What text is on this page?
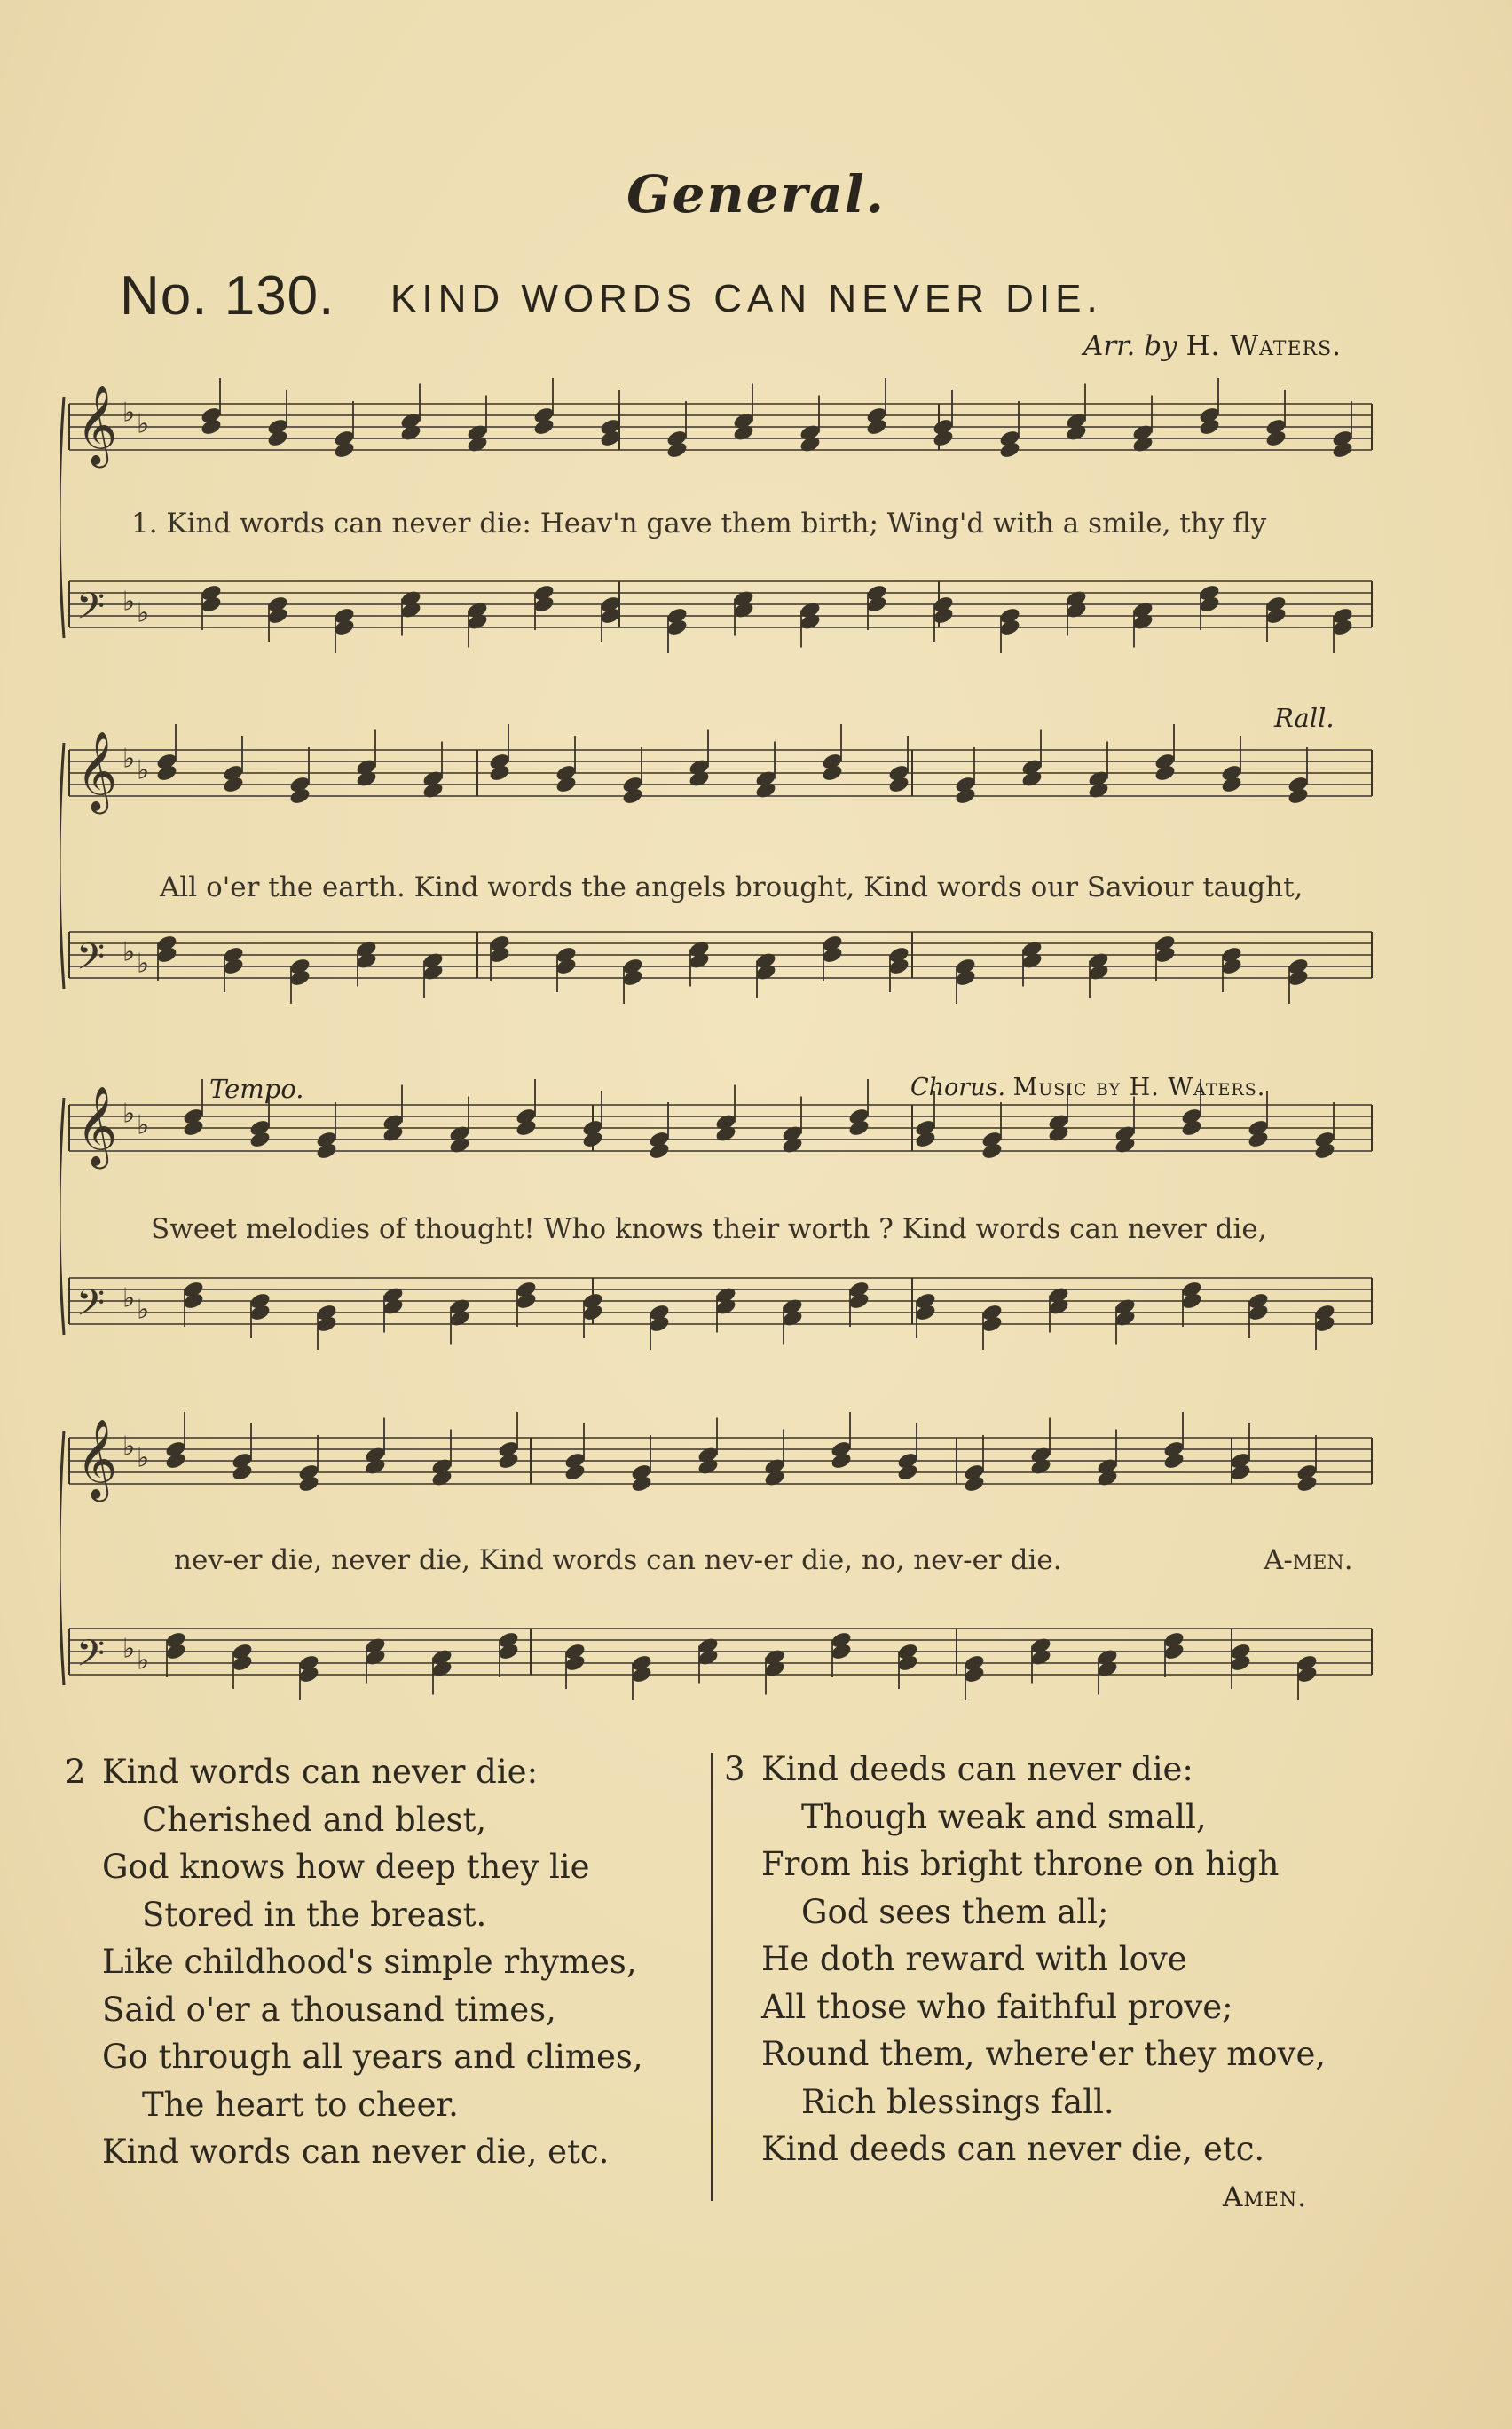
General.
No. 130. KIND WORDS CAN NEVER DIE.
Arr. by H. Waters.
𝄞 ♭ ♭
𝄢 ♭ ♭
1. Kind words can never die: Heav'n gave them birth; Wing'd with a smile, thy fly
𝄞 ♭ ♭
𝄢 ♭ ♭
Rall.
All o'er the earth. Kind words the angels brought, Kind words our Saviour taught,
𝄞 ♭ ♭
𝄢 ♭ ♭
Tempo.	Chorus. Music by H. Waters.
Sweet melodies of thought! Who knows their worth ? Kind words can never die,
𝄞 ♭ ♭
𝄢 ♭ ♭
nev-er die, never die, Kind words can nev-er die, no, nev-er die.	A-men.
2 Kind words can never die:
Cherished and blest,
God knows how deep they lie
Stored in the breast.
Like childhood's simple rhymes,
Said o'er a thousand times,
Go through all years and climes,
The heart to cheer.
Kind words can never die, etc.
3 Kind deeds can never die:
Though weak and small,
From his bright throne on high
God sees them all;
He doth reward with love
All those who faithful prove;
Round them, where'er they move,
Rich blessings fall.
Kind deeds can never die, etc.
Amen.
